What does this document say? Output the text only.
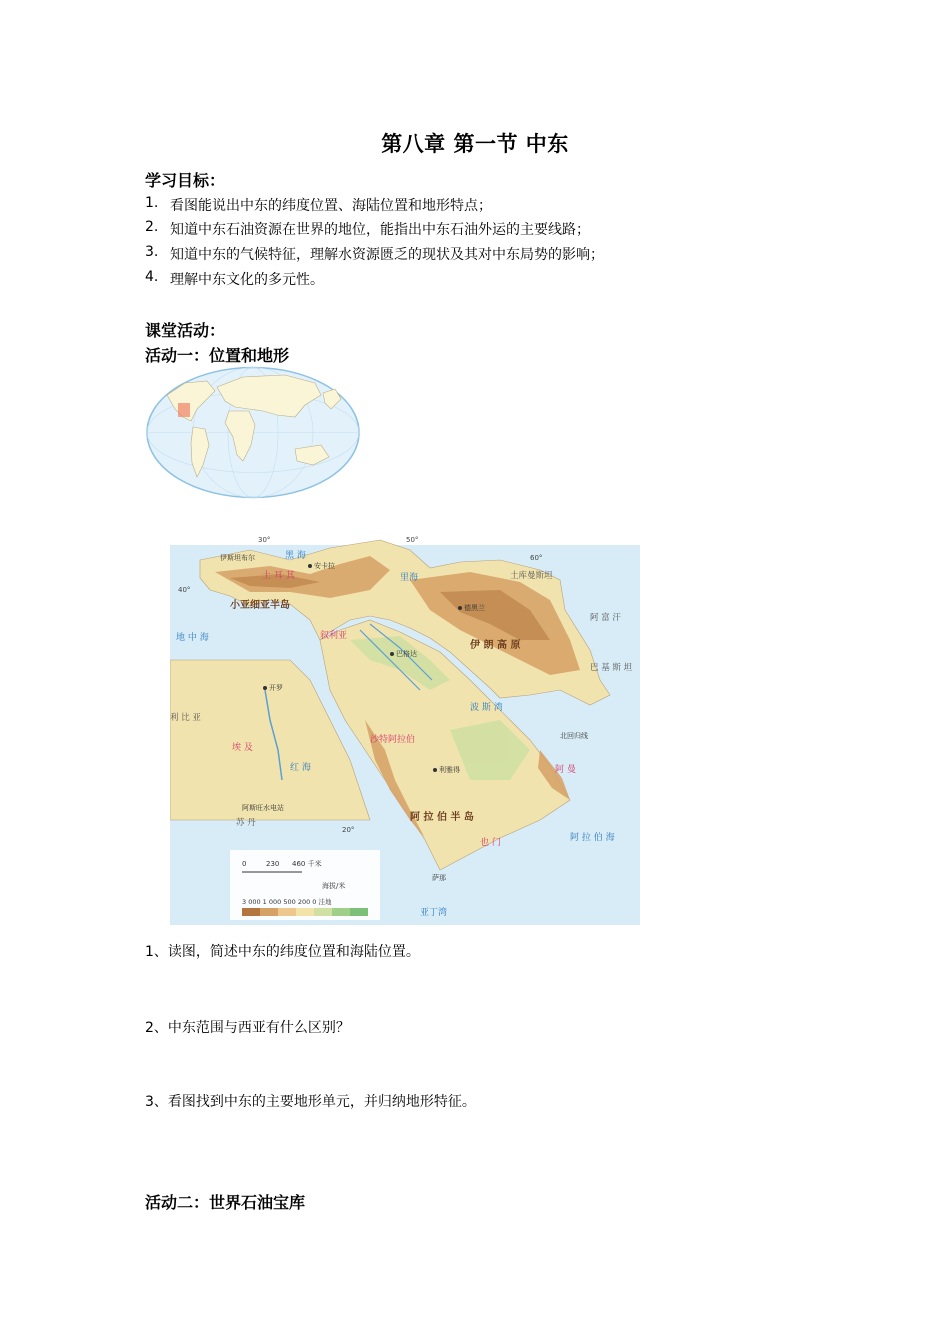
第八章 第一节 中东
学习目标：
1. 看图能说出中东的纬度位置、海陆位置和地形特点；
2. 知道中东石油资源在世界的地位，能指出中东石油外运的主要线路；
3. 知道中东的气候特征，理解水资源匮乏的现状及其对中东局势的影响；
4. 理解中东文化的多元性。
课堂活动：
活动一：位置和地形
小亚细亚半岛
伊 朗 高 原
阿 拉 伯 半 岛
沙特阿拉伯
埃 及
土 耳 其
叙利亚
也 门
阿 曼
利 比 亚
苏 丹
土库曼斯坦
阿 富 汗
巴 基 斯 坦
黑 海
里海
地 中 海
红 海
阿 拉 伯 海
波 斯 湾
亚丁湾
开罗
利雅得
德黑兰
巴格达
安卡拉
伊斯坦布尔
阿斯旺水电站
北回归线
萨那
30°
40°
50°
60°
20°
0	230 460 千米
海拔/米
3 000 1 000 500 200 0 洼地
1、读图，简述中东的纬度位置和海陆位置。
2、中东范围与西亚有什么区别？
3、看图找到中东的主要地形单元，并归纳地形特征。
活动二：世界石油宝库
